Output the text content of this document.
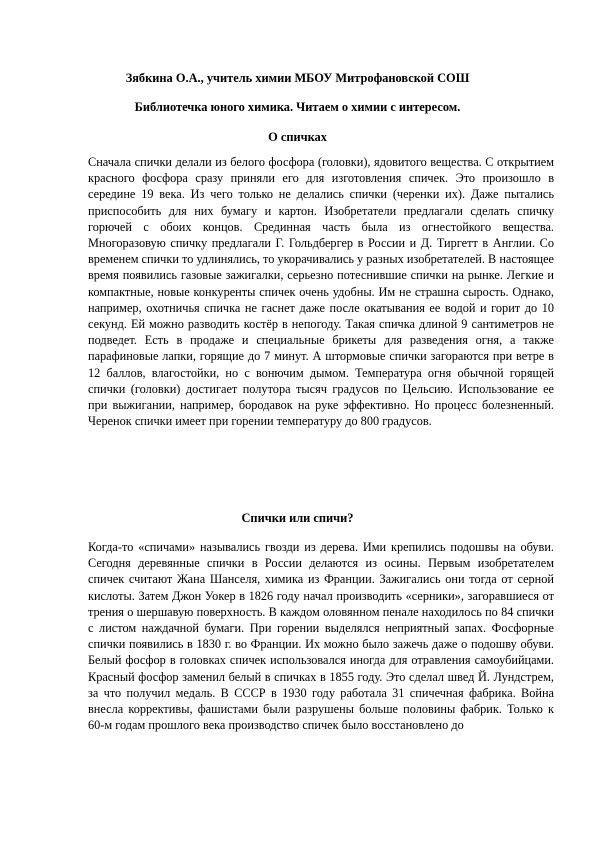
Зябкина О.А., учитель химии МБОУ Митрофановской СОШ
Библиотечка юного химика. Читаем о химии с интересом.
О спичках

Сначала спички делали из белого фосфора (головки), ядовитого вещества. С открытием красного фосфора сразу приняли его для изготовления спичек. Это произошло в середине 19 века. Из чего только не делались спички (черенки их). Даже пытались приспособить для них бумагу и картон. Изобретатели предлагали сделать спичку горючей с обоих концов. Срединная часть была из огнестойкого вещества. Многоразовую спичку предлагали Г. Гольдбергер в России и Д. Тиргетт в Англии. Со временем спички то удлинялись, то укорачивались у разных изобретателей. В настоящее время появились газовые зажигалки, серьезно потеснившие спички на рынке. Легкие и компактные, новые конкуренты спичек очень удобны. Им не страшна сырость. Однако, например, охотничья спичка не гаснет даже после окатывания ее водой и горит до 10 секунд. Ей можно разводить костёр в непогоду. Такая спичка длиной 9 сантиметров не подведет. Есть в продаже и специальные брикеты для разведения огня, а также парафиновые лапки, горящие до 7 минут. А штормовые спички загораются при ветре в 12 баллов, влагостойки, но с вонючим дымом. Температура огня обычной горящей спички (головки) достигает полутора тысяч градусов по Цельсию. Использование ее при выжигании, например, бородавок на руке эффективно. Но процесс болезненный. Черенок спички имеет при горении температуру до 800 градусов.

Спички или спичи?

Когда-то «спичами» назывались гвозди из дерева. Ими крепились подошвы на обуви. Сегодня деревянные спички в России делаются из осины. Первым изобретателем спичек считают Жана Шанселя, химика из Франции. Зажигались они тогда от серной кислоты. Затем Джон Уокер в 1826 году начал производить «серники», загоравшиеся от трения о шершавую поверхность. В каждом оловянном пенале находилось по 84 спички с листом наждачной бумаги. При горении выделялся неприятный запах. Фосфорные спички появились в 1830 г. во Франции. Их можно было зажечь даже о подошву обуви. Белый фосфор в головках спичек использовался иногда для отравления самоубийцами. Красный фосфор заменил белый в спичках в 1855 году. Это сделал швед Й. Лундстрем, за что получил медаль. В СССР в 1930 году работала 31 спичечная фабрика. Война внесла коррективы, фашистами были разрушены больше половины фабрик. Только к 60-м годам прошлого века производство спичек было восстановлено до
